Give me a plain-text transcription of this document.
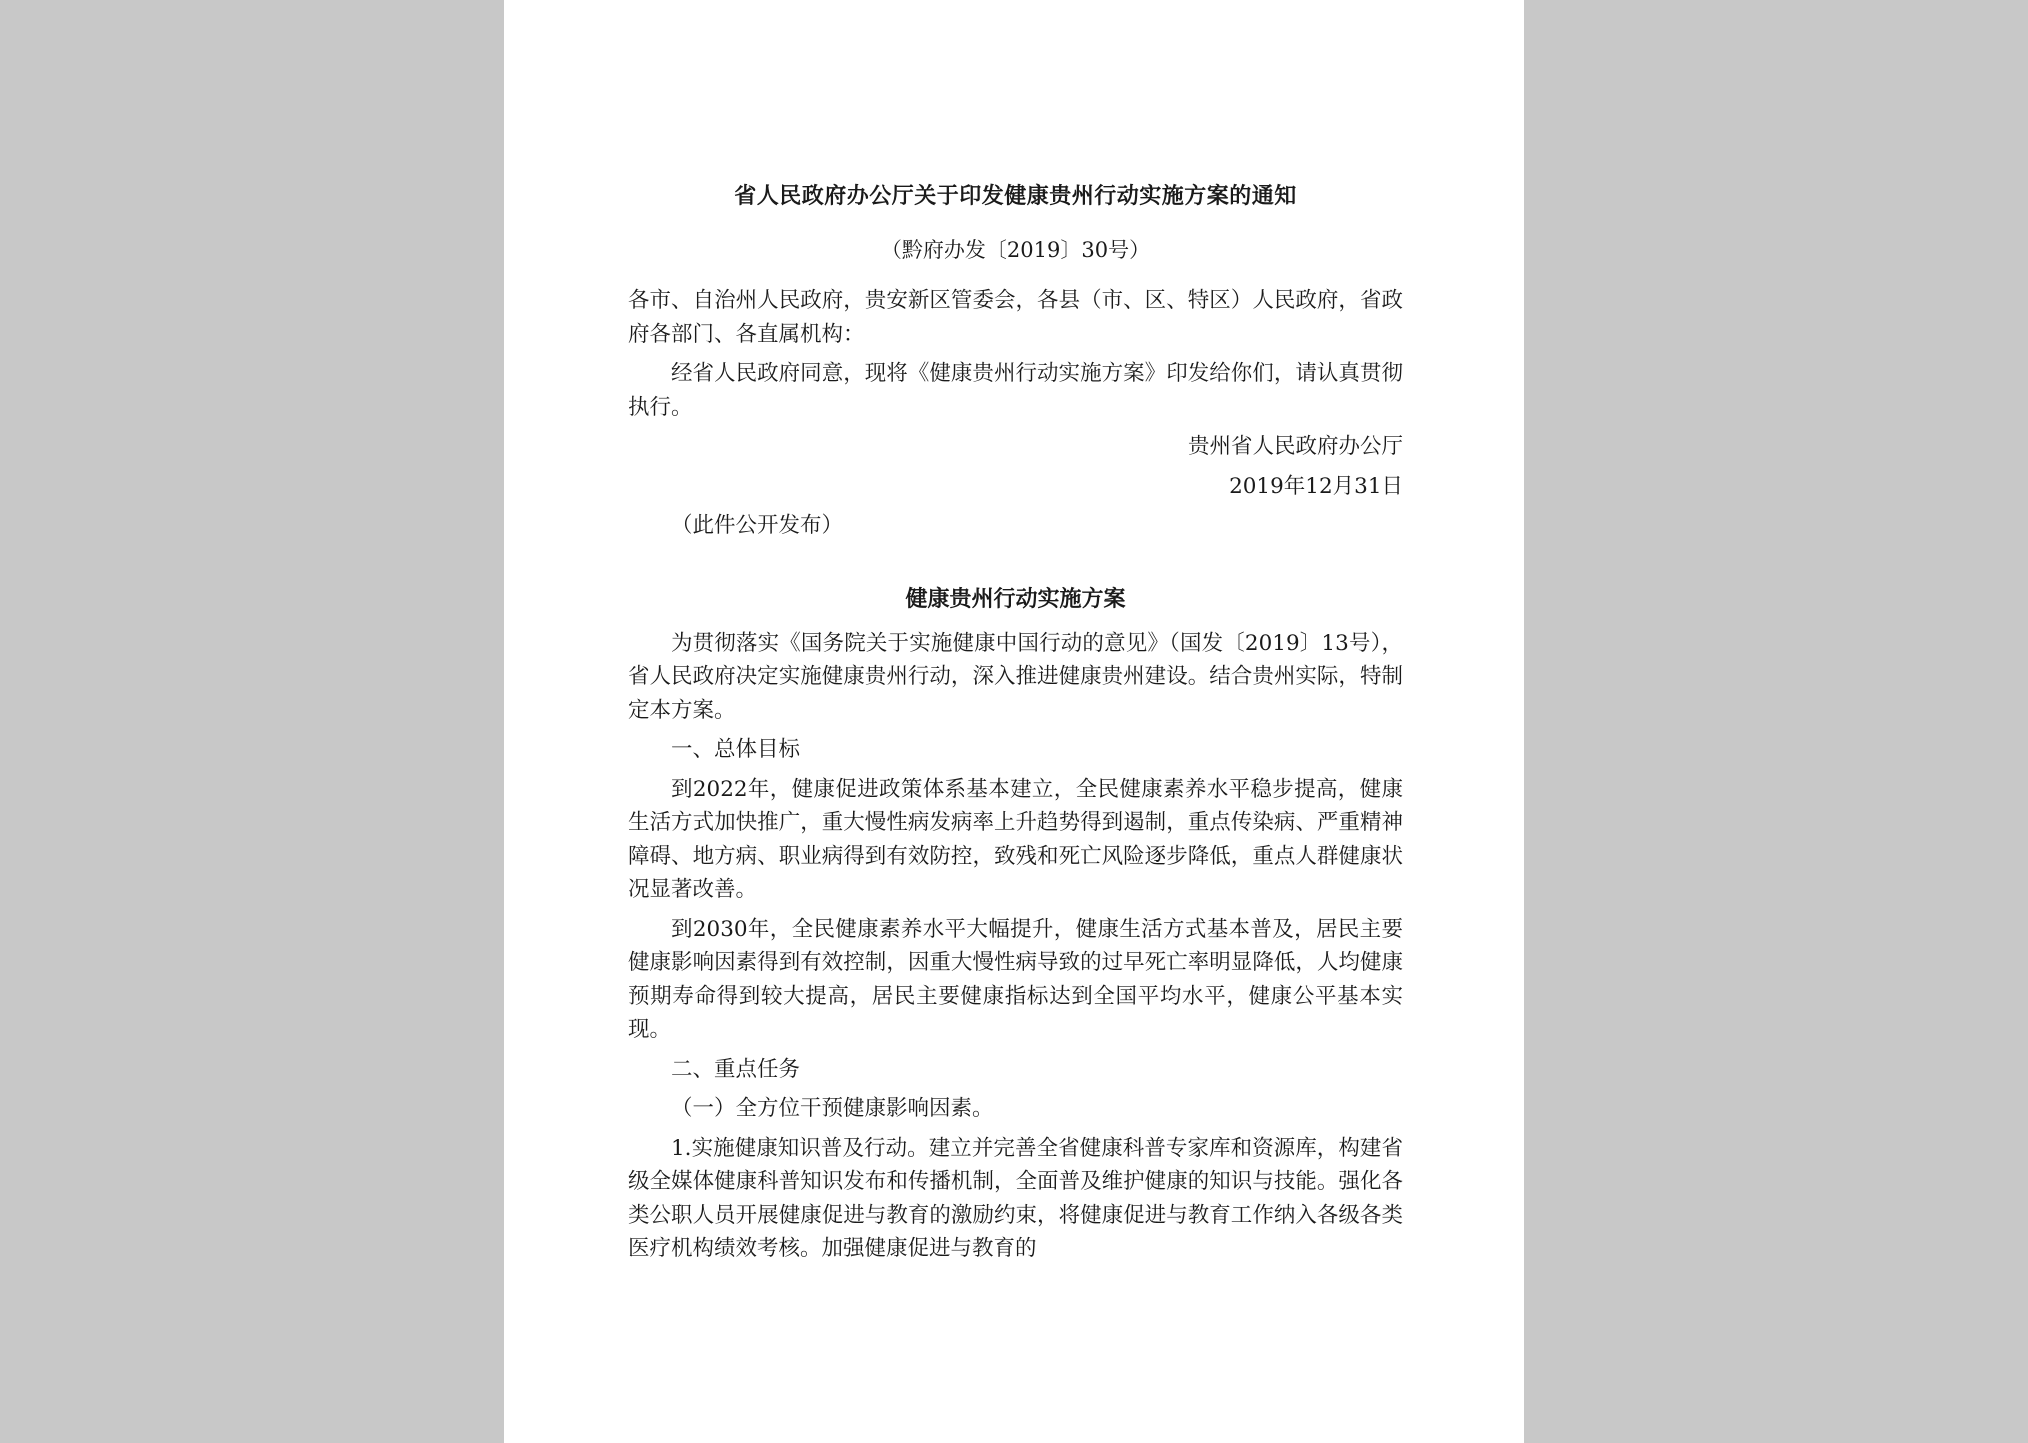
省人民政府办公厅关于印发健康贵州行动实施方案的通知
（黔府办发〔2019〕30号）
各市、自治州人民政府，贵安新区管委会，各县（市、区、特区）人民政府，省政府各部门、各直属机构：
经省人民政府同意，现将《健康贵州行动实施方案》印发给你们，请认真贯彻执行。
贵州省人民政府办公厅
2019年12月31日
（此件公开发布）
健康贵州行动实施方案
为贯彻落实《国务院关于实施健康中国行动的意见》（国发〔2019〕13号），省人民政府决定实施健康贵州行动，深入推进健康贵州建设。结合贵州实际，特制定本方案。
一、总体目标
到2022年，健康促进政策体系基本建立，全民健康素养水平稳步提高，健康生活方式加快推广，重大慢性病发病率上升趋势得到遏制，重点传染病、严重精神障碍、地方病、职业病得到有效防控，致残和死亡风险逐步降低，重点人群健康状况显著改善。
到2030年，全民健康素养水平大幅提升，健康生活方式基本普及，居民主要健康影响因素得到有效控制，因重大慢性病导致的过早死亡率明显降低，人均健康预期寿命得到较大提高，居民主要健康指标达到全国平均水平，健康公平基本实现。
二、重点任务
（一）全方位干预健康影响因素。
1.实施健康知识普及行动。建立并完善全省健康科普专家库和资源库，构建省级全媒体健康科普知识发布和传播机制，全面普及维护健康的知识与技能。强化各类公职人员开展健康促进与教育的激励约束，将健康促进与教育工作纳入各级各类医疗机构绩效考核。加强健康促进与教育的
